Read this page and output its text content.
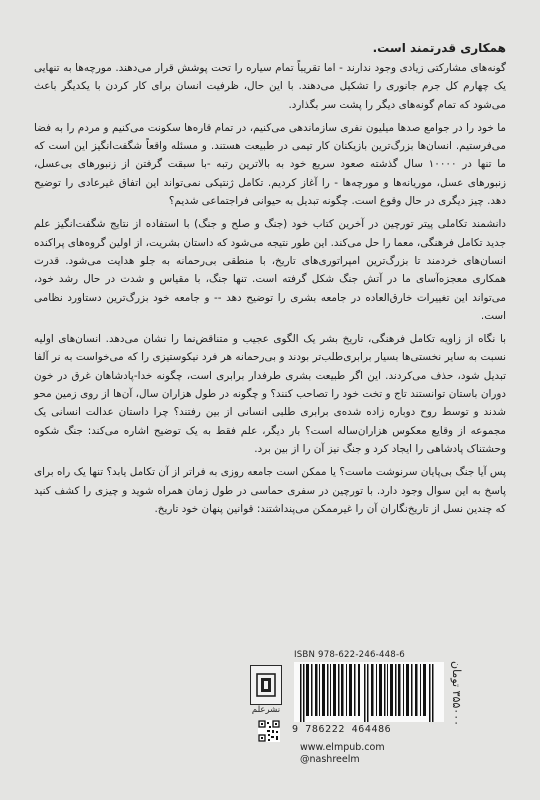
همکاری قدرتمند است.

گونه‌های مشارکتی زیادی وجود ندارند - اما تقریباً تمام سیاره را تحت پوشش قرار می‌دهند. مورچه‌ها به تنهایی یک چهارم کل جرم جانوری را تشکیل می‌دهند. با این حال، ظرفیت انسان برای کار کردن با یکدیگر باعث می‌شود که تمام گونه‌های دیگر را پشت سر بگذارد.

ما خود را در جوامع صدها میلیون نفری سازماندهی می‌کنیم، در تمام قاره‌ها سکونت می‌کنیم و مردم را به فضا می‌فرستیم. انسان‌ها بزرگ‌ترین بازیکنان کار تیمی در طبیعت هستند. و مسئله واقعاً شگفت‌انگیز این است که ما تنها در ۱۰۰۰۰ سال گذشته صعود سریع خود به بالاترین رتبه -با سبقت گرفتن از زنبورهای بی‌عسل، زنبورهای عسل، موریانه‌ها و مورچه‌ها - را آغاز کردیم. تکامل ژنتیکی نمی‌تواند این اتفاق غیرعادی را توضیح دهد. چیز دیگری در حال وقوع است. چگونه تبدیل به حیوانی فراجتماعی شدیم؟

دانشمند تکاملی پیتر تورچین در آخرین کتاب خود (جنگ و صلح و جنگ) با استفاده از نتایج شگفت‌انگیز علم جدید تکامل فرهنگی، معما را حل می‌کند. این طور نتیجه می‌شود که داستان بشریت، از اولین گروه‌های پراکنده انسان‌های خردمند تا بزرگ‌ترین امپراتوری‌های تاریخ، با منطقی بی‌رحمانه به جلو هدایت می‌شود. قدرت همکاری معجزه‌آسای ما در آتش جنگ شکل گرفته است. تنها جنگ، با مقیاس و شدت در حال رشد خود، می‌تواند این تغییرات خارق‌العاده در جامعه بشری را توضیح دهد -- و جامعه خود بزرگ‌ترین دستاورد نظامی است.

با نگاه از زاویه تکامل فرهنگی، تاریخ بشر یک الگوی عجیب و متناقض‌نما را نشان می‌دهد. انسان‌های اولیه نسبت به سایر نخستی‌ها بسیار برابری‌طلب‌تر بودند و بی‌رحمانه هر فرد نیکوستیزی را که می‌خواست به نر آلفا تبدیل شود، حذف می‌کردند. این اگر طبیعت بشری طرفدار برابری است، چگونه خدا-پادشاهان غرق در خون دوران باستان توانستند تاج و تخت خود را تصاحب کنند؟ و چگونه در طول هزاران سال، آن‌ها از روی زمین محو شدند و توسط روح دوباره زاده شده‌ی برابری طلبی انسانی از بین رفتند؟ چرا داستان عدالت انسانی یک مجموعه از وقایع معکوس هزاران‌ساله است؟ بار دیگر، علم فقط به یک توضیح اشاره می‌کند: جنگ شکوه وحشتناک پادشاهی را ایجاد کرد و جنگ نیز آن را از بین برد.

پس آیا جنگ بی‌پایان سرنوشت ماست؟ یا ممکن است جامعه روزی به فراتر از آن تکامل یابد؟ تنها یک راه برای پاسخ به این سوال وجود دارد. با تورچین در سفری حماسی در طول زمان همراه شوید و چیزی را کشف کنید که چندین نسل از تاریخ‌نگاران آن را غیرممکن می‌پنداشتند: قوانین پنهان خود تاریخ.

نشرعلم
ISBN 978-622-246-448-6
9 786222 464486
۳۵۵۰۰۰ تومان
www.elmpub.com
@nashreelm
